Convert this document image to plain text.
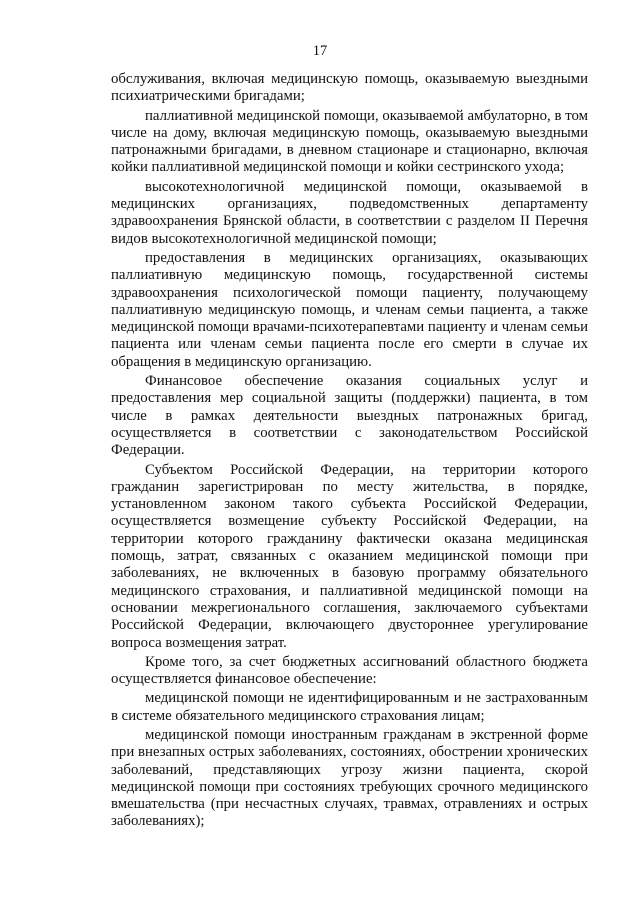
17

обслуживания, включая медицинскую помощь, оказываемую выездными психиатрическими бригадами;

паллиативной медицинской помощи, оказываемой амбулаторно, в том числе на дому, включая медицинскую помощь, оказываемую выездными патронажными бригадами, в дневном стационаре и стационарно, включая койки паллиативной медицинской помощи и койки сестринского ухода;

высокотехнологичной медицинской помощи, оказываемой в медицинских организациях, подведомственных департаменту здравоохранения Брянской области, в соответствии с разделом II Перечня видов высокотехнологичной медицинской помощи;

предоставления в медицинских организациях, оказывающих паллиативную медицинскую помощь, государственной системы здравоохранения психологической помощи пациенту, получающему паллиативную медицинскую помощь, и членам семьи пациента, а также медицинской помощи врачами-психотерапевтами пациенту и членам семьи пациента или членам семьи пациента после его смерти в случае их обращения в медицинскую организацию.

Финансовое обеспечение оказания социальных услуг и предоставления мер социальной защиты (поддержки) пациента, в том числе в рамках деятельности выездных патронажных бригад, осуществляется в соответствии с законодательством Российской Федерации.

Субъектом Российской Федерации, на территории которого гражданин зарегистрирован по месту жительства, в порядке, установленном законом такого субъекта Российской Федерации, осуществляется возмещение субъекту Российской Федерации, на территории которого гражданину фактически оказана медицинская помощь, затрат, связанных с оказанием медицинской помощи при заболеваниях, не включенных в базовую программу обязательного медицинского страхования, и паллиативной медицинской помощи на основании межрегионального соглашения, заключаемого субъектами Российской Федерации, включающего двустороннее урегулирование вопроса возмещения затрат.

Кроме того, за счет бюджетных ассигнований областного бюджета осуществляется финансовое обеспечение:

медицинской помощи не идентифицированным и не застрахованным в системе обязательного медицинского страхования лицам;

медицинской помощи иностранным гражданам в экстренной форме при внезапных острых заболеваниях, состояниях, обострении хронических заболеваний, представляющих угрозу жизни пациента, скорой медицинской помощи при состояниях требующих срочного медицинского вмешательства (при несчастных случаях, травмах, отравлениях и острых заболеваниях);
